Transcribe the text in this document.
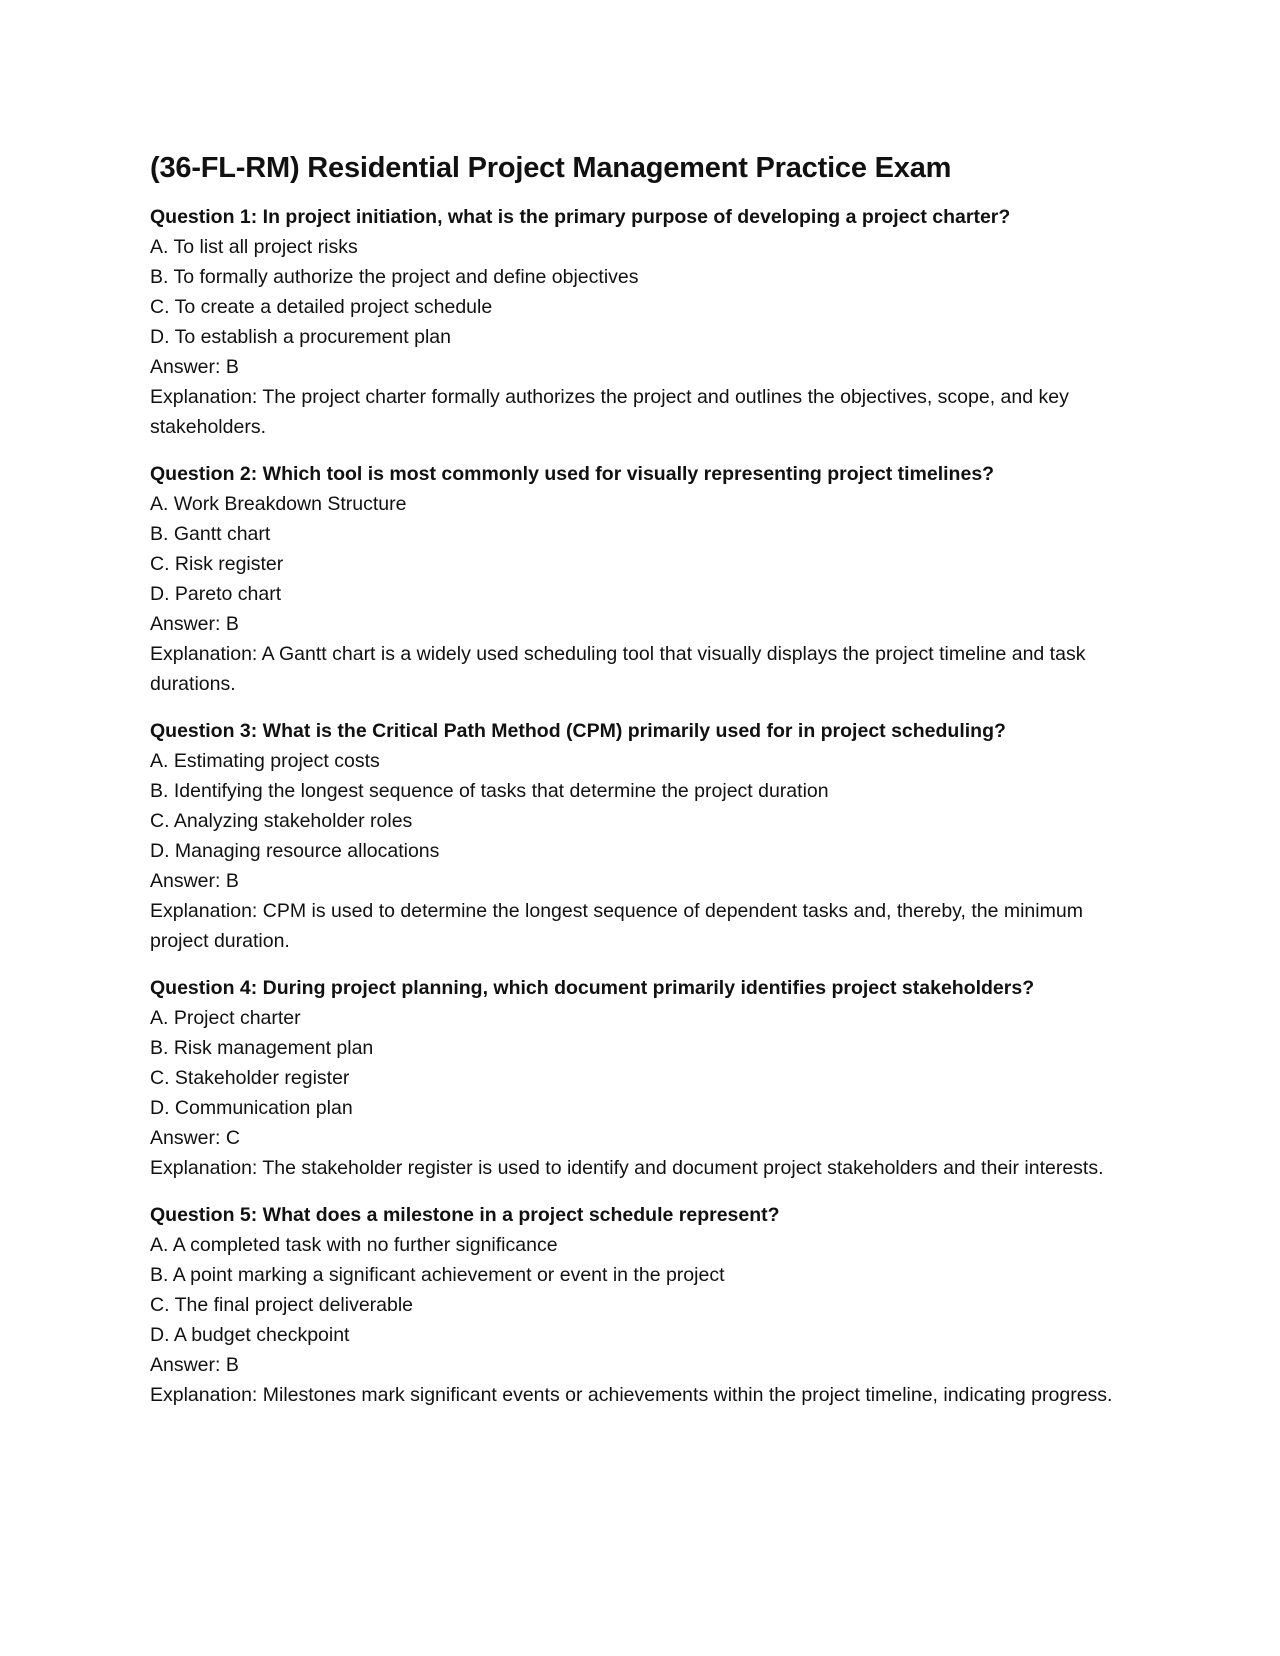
(36-FL-RM) Residential Project Management Practice Exam
Question 1: In project initiation, what is the primary purpose of developing a project charter?
A. To list all project risks
B. To formally authorize the project and define objectives
C. To create a detailed project schedule
D. To establish a procurement plan
Answer: B
Explanation: The project charter formally authorizes the project and outlines the objectives, scope, and key stakeholders.
Question 2: Which tool is most commonly used for visually representing project timelines?
A. Work Breakdown Structure
B. Gantt chart
C. Risk register
D. Pareto chart
Answer: B
Explanation: A Gantt chart is a widely used scheduling tool that visually displays the project timeline and task durations.
Question 3: What is the Critical Path Method (CPM) primarily used for in project scheduling?
A. Estimating project costs
B. Identifying the longest sequence of tasks that determine the project duration
C. Analyzing stakeholder roles
D. Managing resource allocations
Answer: B
Explanation: CPM is used to determine the longest sequence of dependent tasks and, thereby, the minimum project duration.
Question 4: During project planning, which document primarily identifies project stakeholders?
A. Project charter
B. Risk management plan
C. Stakeholder register
D. Communication plan
Answer: C
Explanation: The stakeholder register is used to identify and document project stakeholders and their interests.
Question 5: What does a milestone in a project schedule represent?
A. A completed task with no further significance
B. A point marking a significant achievement or event in the project
C. The final project deliverable
D. A budget checkpoint
Answer: B
Explanation: Milestones mark significant events or achievements within the project timeline, indicating progress.
